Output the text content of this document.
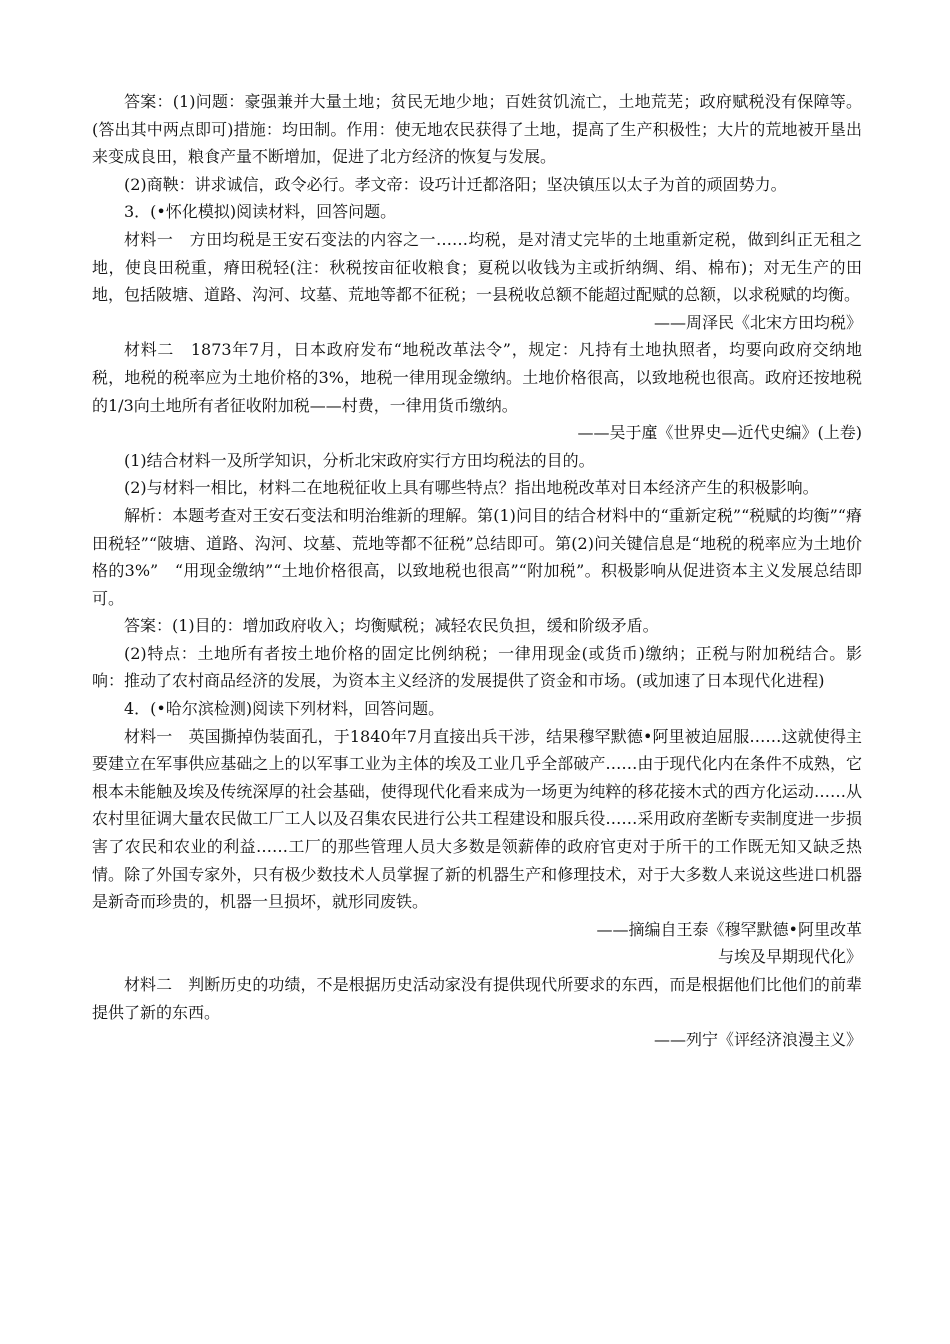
答案：(1)问题：豪强兼并大量土地；贫民无地少地；百姓贫饥流亡，土地荒芜；政府赋税没有保障等。(答出其中两点即可)措施：均田制。作用：使无地农民获得了土地，提高了生产积极性；大片的荒地被开垦出来变成良田，粮食产量不断增加，促进了北方经济的恢复与发展。

(2)商鞅：讲求诚信，政令必行。孝文帝：设巧计迁都洛阳；坚决镇压以太子为首的顽固势力。

3．(•怀化模拟)阅读材料，回答问题。

材料一　方田均税是王安石变法的内容之一……均税，是对清丈完毕的土地重新定税，做到纠正无租之地，使良田税重，瘠田税轻(注：秋税按亩征收粮食；夏税以收钱为主或折纳绸、绢、棉布)；对无生产的田地，包括陂塘、道路、沟河、坟墓、荒地等都不征税；一县税收总额不能超过配赋的总额，以求税赋的均衡。

——周泽民《北宋方田均税》

材料二　1873年7月，日本政府发布“地税改革法令”，规定：凡持有土地执照者，均要向政府交纳地税，地税的税率应为土地价格的3%，地税一律用现金缴纳。土地价格很高，以致地税也很高。政府还按地税的1/3向土地所有者征收附加税——村费，一律用货币缴纳。

——吴于廑《世界史—近代史编》(上卷)

(1)结合材料一及所学知识，分析北宋政府实行方田均税法的目的。

(2)与材料一相比，材料二在地税征收上具有哪些特点？指出地税改革对日本经济产生的积极影响。

解析：本题考查对王安石变法和明治维新的理解。第(1)问目的结合材料中的“重新定税”“税赋的均衡”“瘠田税轻”“陂塘、道路、沟河、坟墓、荒地等都不征税”总结即可。第(2)问关键信息是“地税的税率应为土地价格的3%”　“用现金缴纳”“土地价格很高，以致地税也很高”“附加税”。积极影响从促进资本主义发展总结即可。

答案：(1)目的：增加政府收入；均衡赋税；减轻农民负担，缓和阶级矛盾。

(2)特点：土地所有者按土地价格的固定比例纳税；一律用现金(或货币)缴纳；正税与附加税结合。影响：推动了农村商品经济的发展，为资本主义经济的发展提供了资金和市场。(或加速了日本现代化进程)

4．(•哈尔滨检测)阅读下列材料，回答问题。

材料一　英国撕掉伪装面孔，于1840年7月直接出兵干涉，结果穆罕默德•阿里被迫屈服……这就使得主要建立在军事供应基础之上的以军事工业为主体的埃及工业几乎全部破产……由于现代化内在条件不成熟，它根本未能触及埃及传统深厚的社会基础，使得现代化看来成为一场更为纯粹的移花接木式的西方化运动……从农村里征调大量农民做工厂工人以及召集农民进行公共工程建设和服兵役……采用政府垄断专卖制度进一步损害了农民和农业的利益……工厂的那些管理人员大多数是领薪俸的政府官吏对于所干的工作既无知又缺乏热情。除了外国专家外，只有极少数技术人员掌握了新的机器生产和修理技术，对于大多数人来说这些进口机器是新奇而珍贵的，机器一旦损坏，就形同废铁。

——摘编自王泰《穆罕默德•阿里改革

与埃及早期现代化》

材料二　判断历史的功绩，不是根据历史活动家没有提供现代所要求的东西，而是根据他们比他们的前辈提供了新的东西。

——列宁《评经济浪漫主义》
